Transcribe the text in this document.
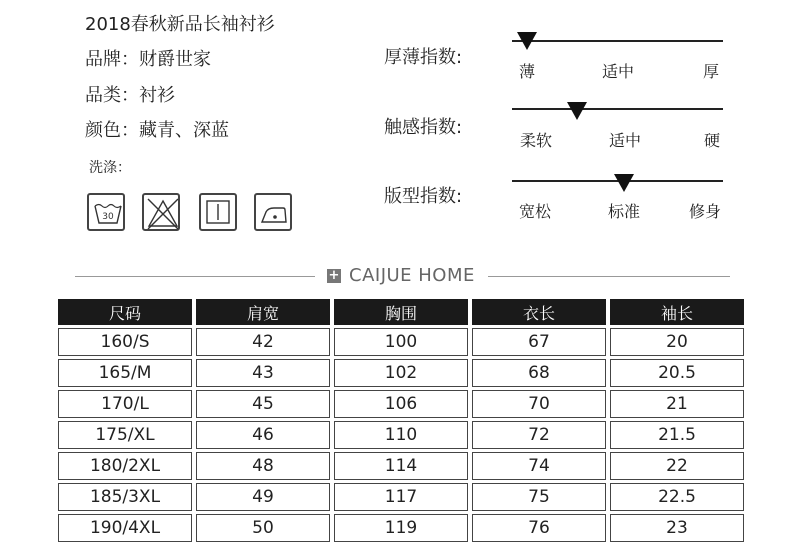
2018春秋新品长袖衬衫
品牌：财爵世家
品类：衬衫
颜色：藏青、深蓝
洗涤：
30
厚薄指数:
薄	适中	厚
触感指数:
柔软	适中	硬
版型指数:
宽松	标准	修身
+ CAIJUE HOME
尺码	肩宽	胸围	衣长	袖长
160/S	42	100	67	20
165/M	43	102	68	20.5
170/L	45	106	70	21
175/XL	46	110	72	21.5
180/2XL	48	114	74	22
185/3XL	49	117	75	22.5
190/4XL	50	119	76	23
